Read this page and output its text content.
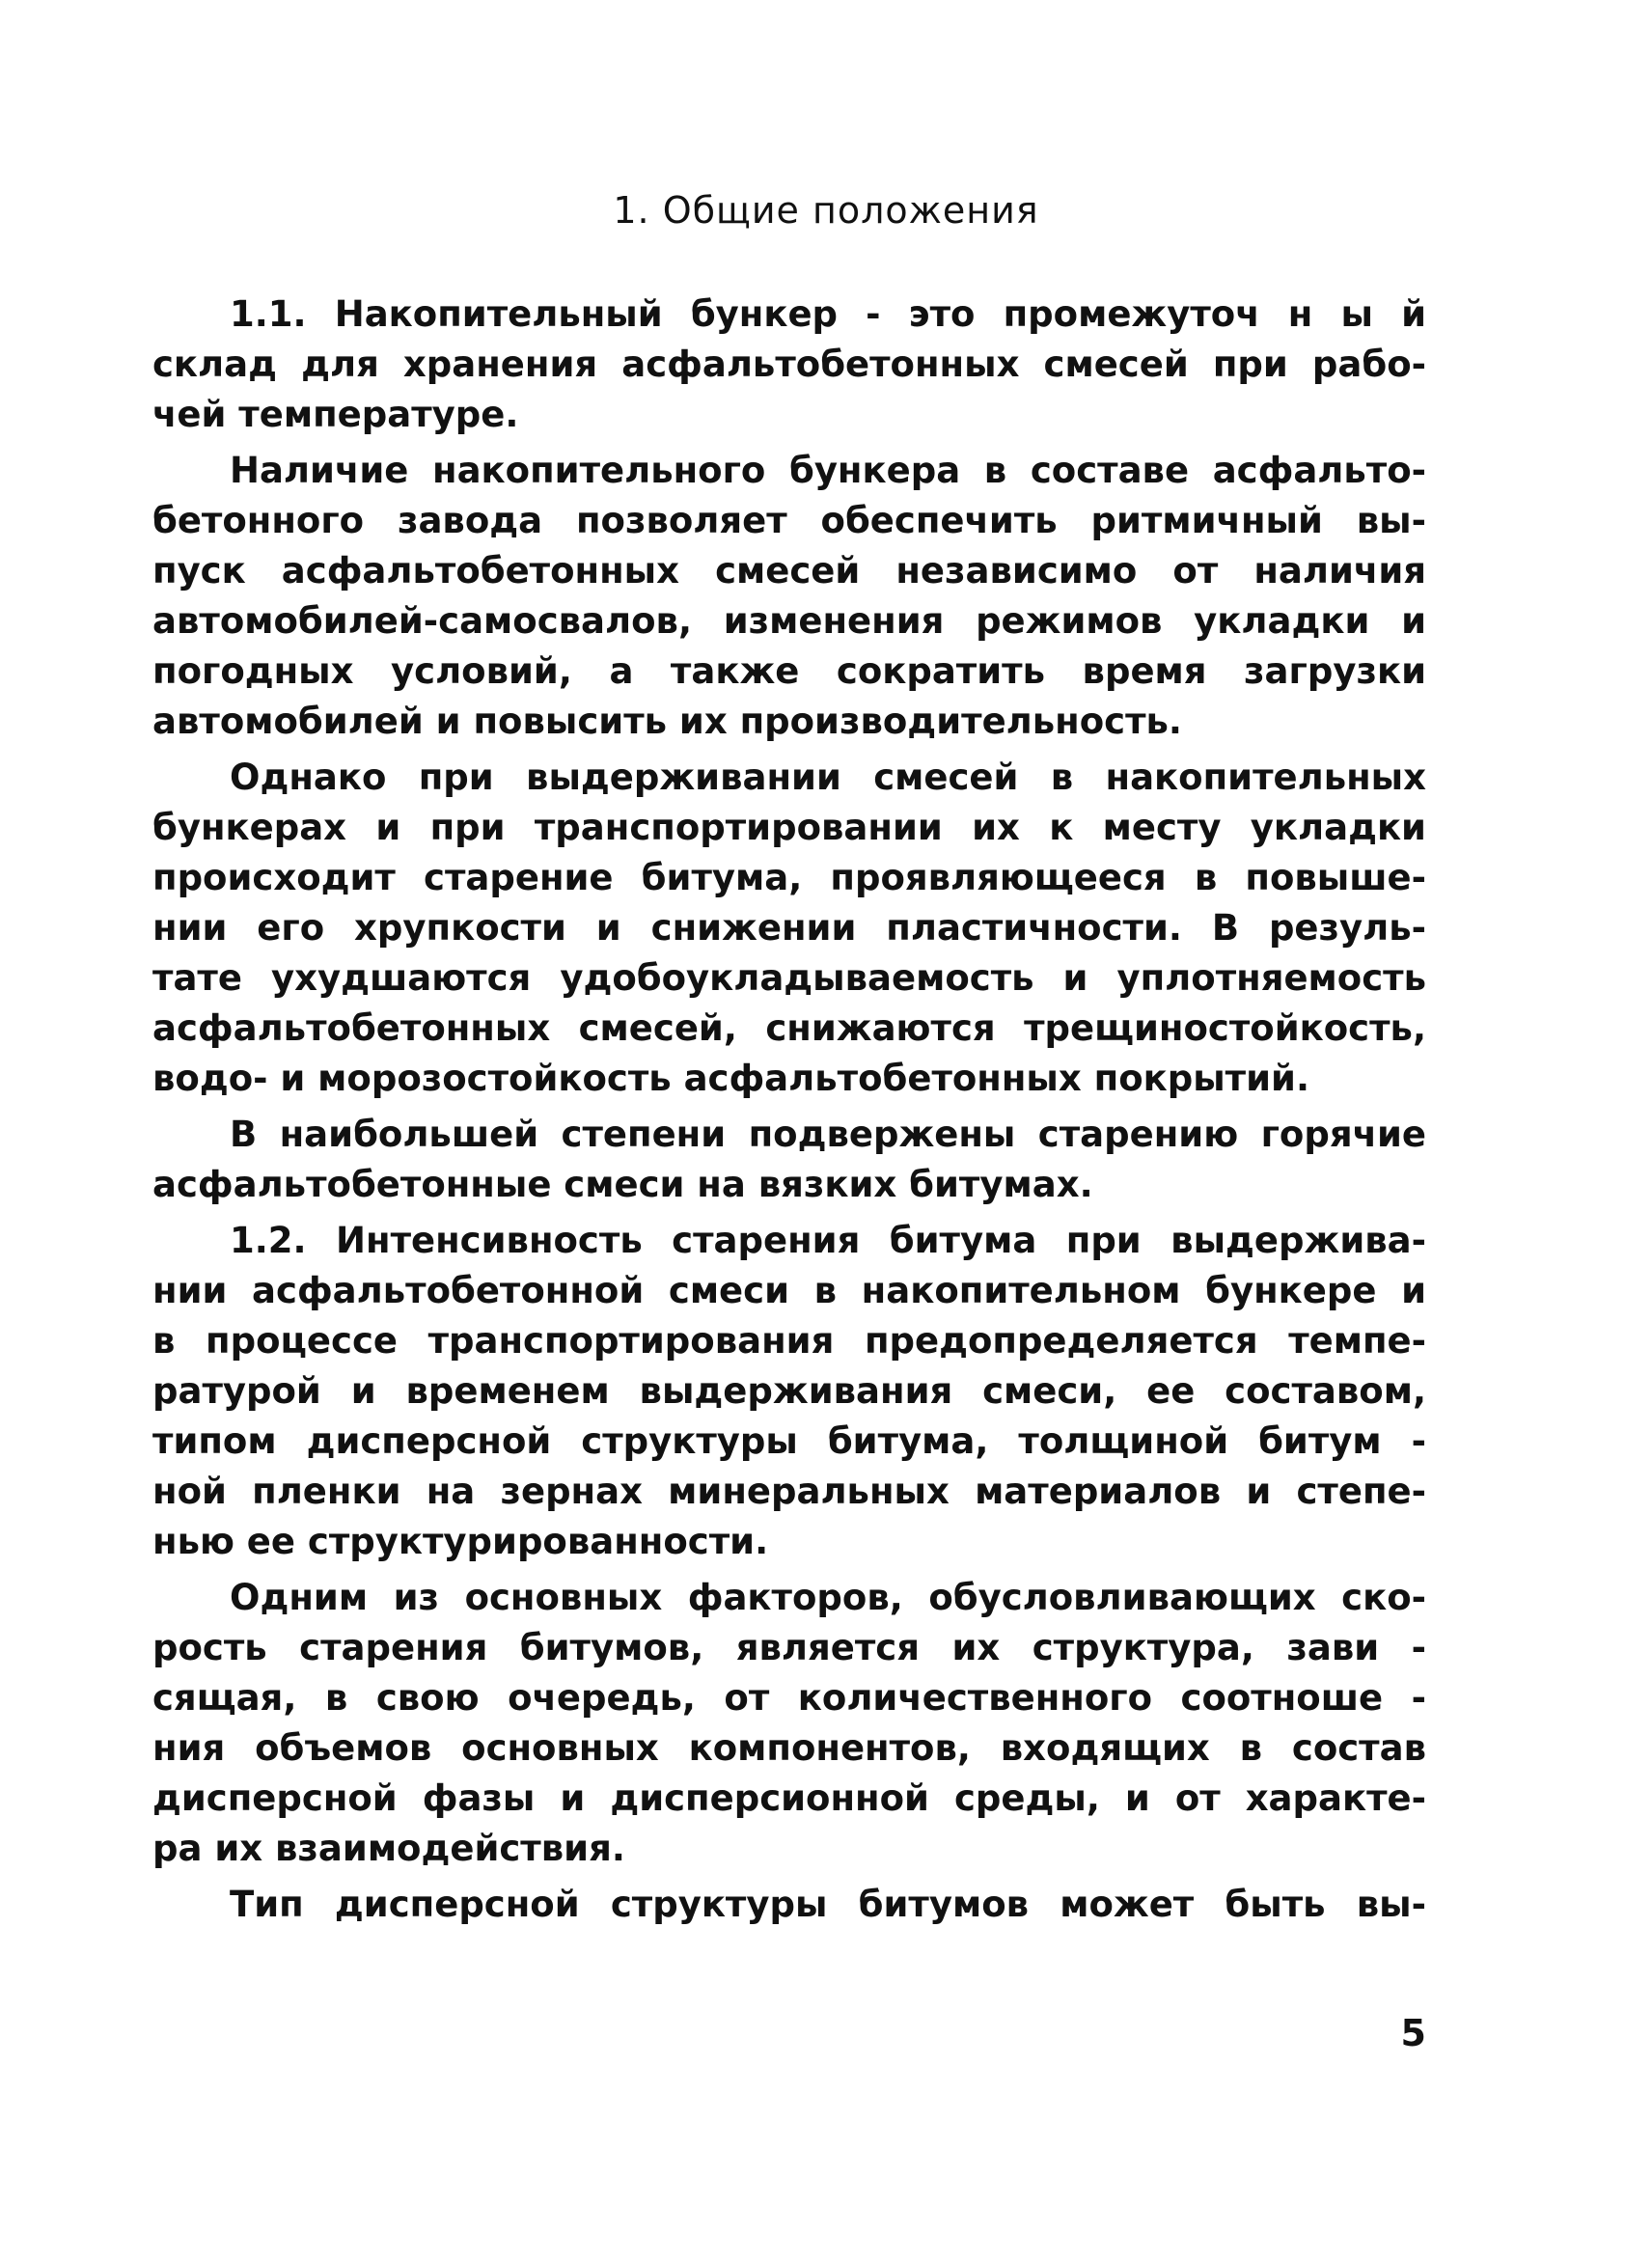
1. Общие положения
1.1. Накопительный бункер - это промежуточ н ы й
склад для хранения асфальтобетонных смесей при рабо-
чей температуре.
Наличие накопительного бункера в составе асфальто-
бетонного завода позволяет обеспечить ритмичный вы-
пуск асфальтобетонных смесей независимо от наличия
автомобилей-самосвалов, изменения режимов укладки и
погодных условий, а также сократить время загрузки
автомобилей и повысить их производительность.
Однако при выдерживании смесей в накопительных
бункерах и при транспортировании их к месту укладки
происходит старение битума, проявляющееся в повыше-
нии его хрупкости и снижении пластичности. В резуль-
тате ухудшаются удобоукладываемость и уплотняемость
асфальтобетонных смесей, снижаются трещиностойкость,
водо- и морозостойкость асфальтобетонных покрытий.
В наибольшей степени подвержены старению горячие
асфальтобетонные смеси на вязких битумах.
1.2. Интенсивность старения битума при выдержива-
нии асфальтобетонной смеси в накопительном бункере и
в процессе транспортирования предопределяется темпе-
ратурой и временем выдерживания смеси, ее составом,
типом дисперсной структуры битума, толщиной битум -
ной пленки на зернах минеральных материалов и степе-
нью ее структурированности.
Одним из основных факторов, обусловливающих ско-
рость старения битумов, является их структура, зави -
сящая, в свою очередь, от количественного соотноше -
ния объемов основных компонентов, входящих в состав
дисперсной фазы и дисперсионной среды, и от характе-
ра их взаимодействия.
Тип дисперсной структуры битумов может быть вы-
5
